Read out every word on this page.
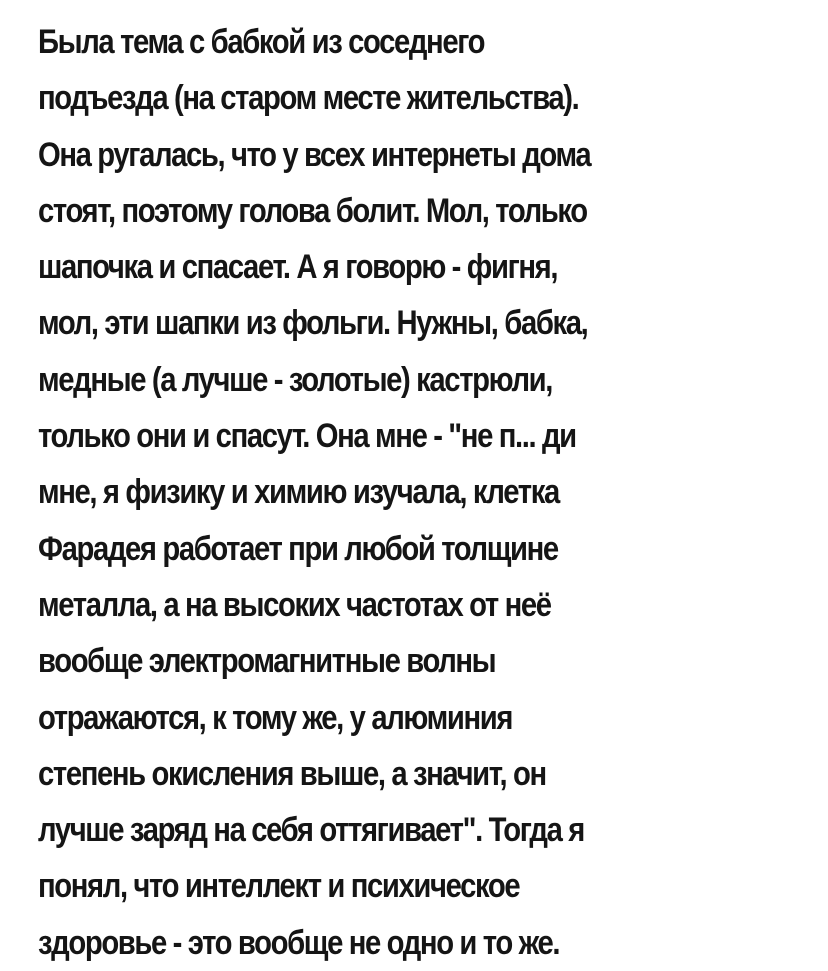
Была тема с бабкой из соседнего
подъезда (на старом месте жительства).
Она ругалась, что у всех интернеты дома
стоят, поэтому голова болит. Мол, только
шапочка и спасает. А я говорю - фигня,
мол, эти шапки из фольги. Нужны, бабка,
медные (а лучше - золотые) кастрюли,
только они и спасут. Она мне - "не п... ди
мне, я физику и химию изучала, клетка
Фарадея работает при любой толщине
металла, а на высоких частотах от неё
вообще электромагнитные волны
отражаются, к тому же, у алюминия
степень окисления выше, а значит, он
лучше заряд на себя оттягивает". Тогда я
понял, что интеллект и психическое
здоровье - это вообще не одно и то же.
